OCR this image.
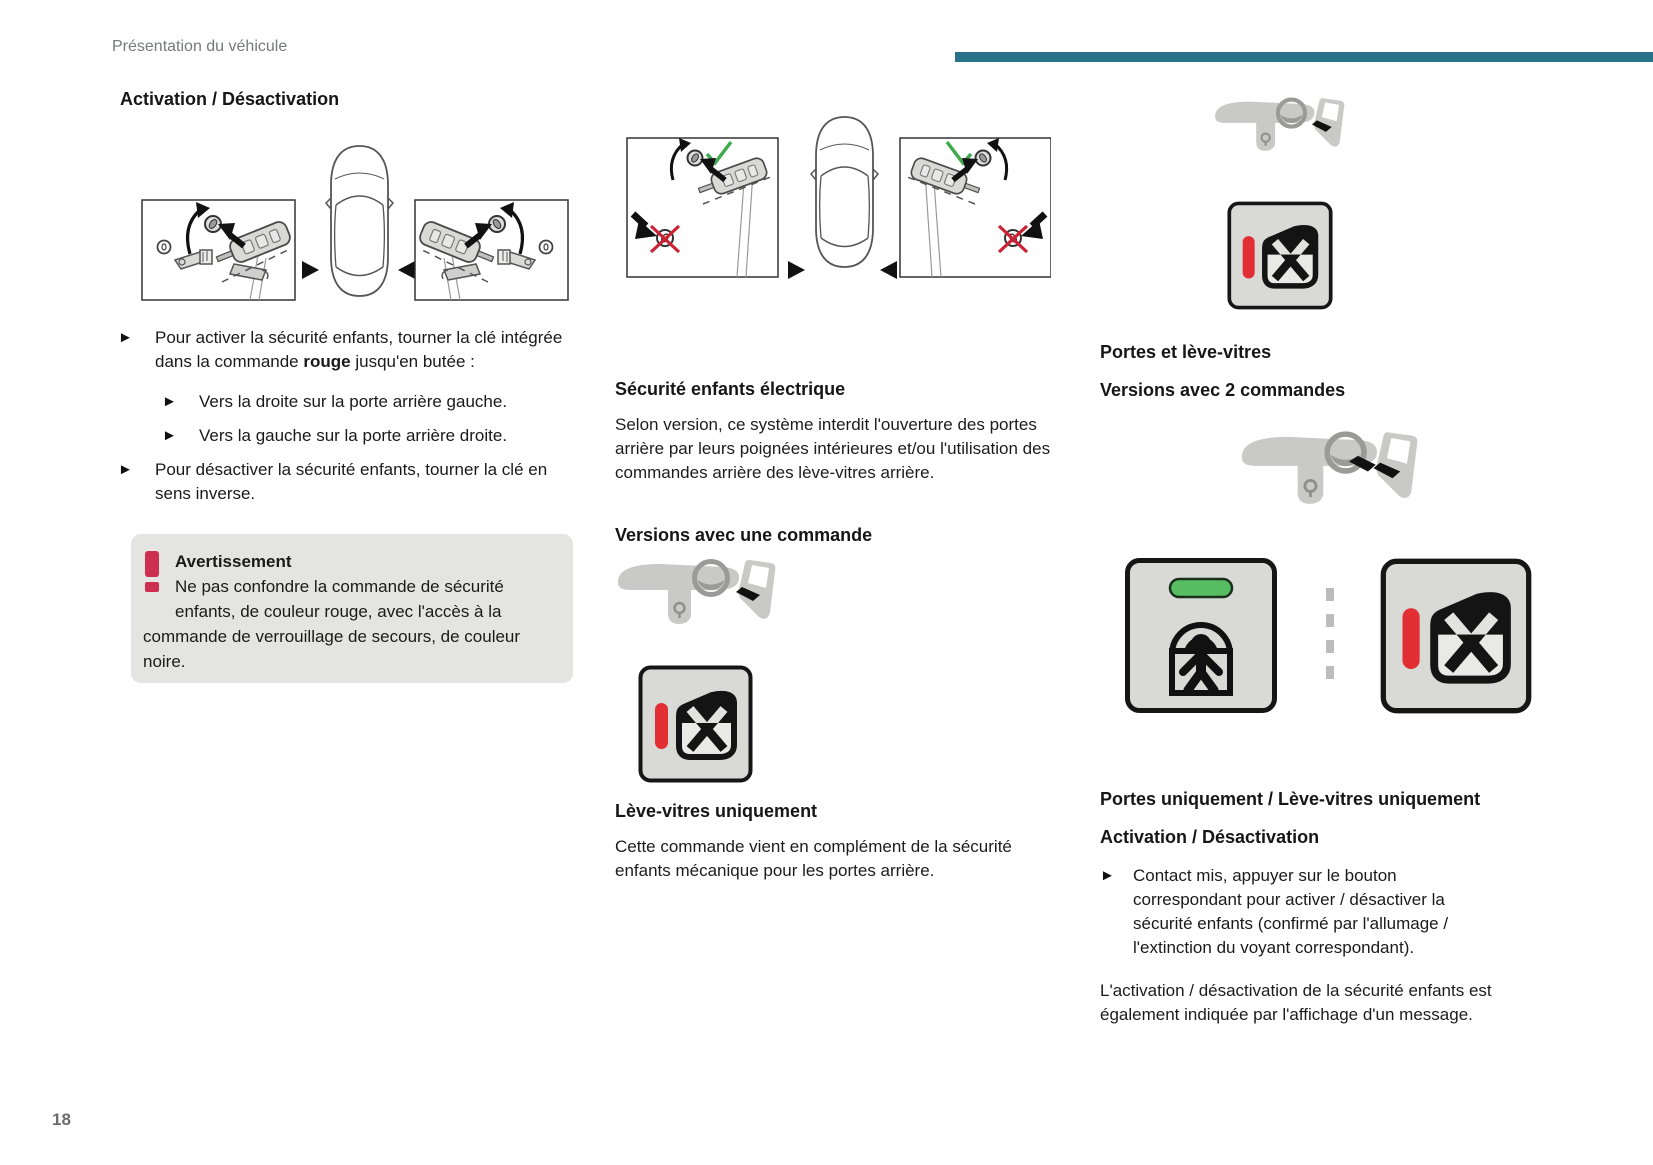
Présentation du véhicule
Activation / Désactivation
► Pour activer la sécurité enfants, tourner la clé intégrée dans la commande rouge jusqu'en butée :
► Vers la droite sur la porte arrière gauche.
► Vers la gauche sur la porte arrière droite.
► Pour désactiver la sécurité enfants, tourner la clé en sens inverse.
Avertissement
Ne pas confondre la commande de sécurité enfants, de couleur rouge, avec l'accès à la commande de verrouillage de secours, de couleur noire.
Sécurité enfants électrique

Selon version, ce système interdit l'ouverture des portes arrière par leurs poignées intérieures et/ou l'utilisation des commandes arrière des lève-vitres arrière.

Versions avec une commande
Lève-vitres uniquement

Cette commande vient en complément de la sécurité enfants mécanique pour les portes arrière.

Portes et lève-vitres
Versions avec 2 commandes
Portes uniquement / Lève-vitres uniquement
Activation / Désactivation
► Contact mis, appuyer sur le bouton correspondant pour activer / désactiver la sécurité enfants (confirmé par l'allumage / l'extinction du voyant correspondant).

L'activation / désactivation de la sécurité enfants est également indiquée par l'affichage d'un message.

18
